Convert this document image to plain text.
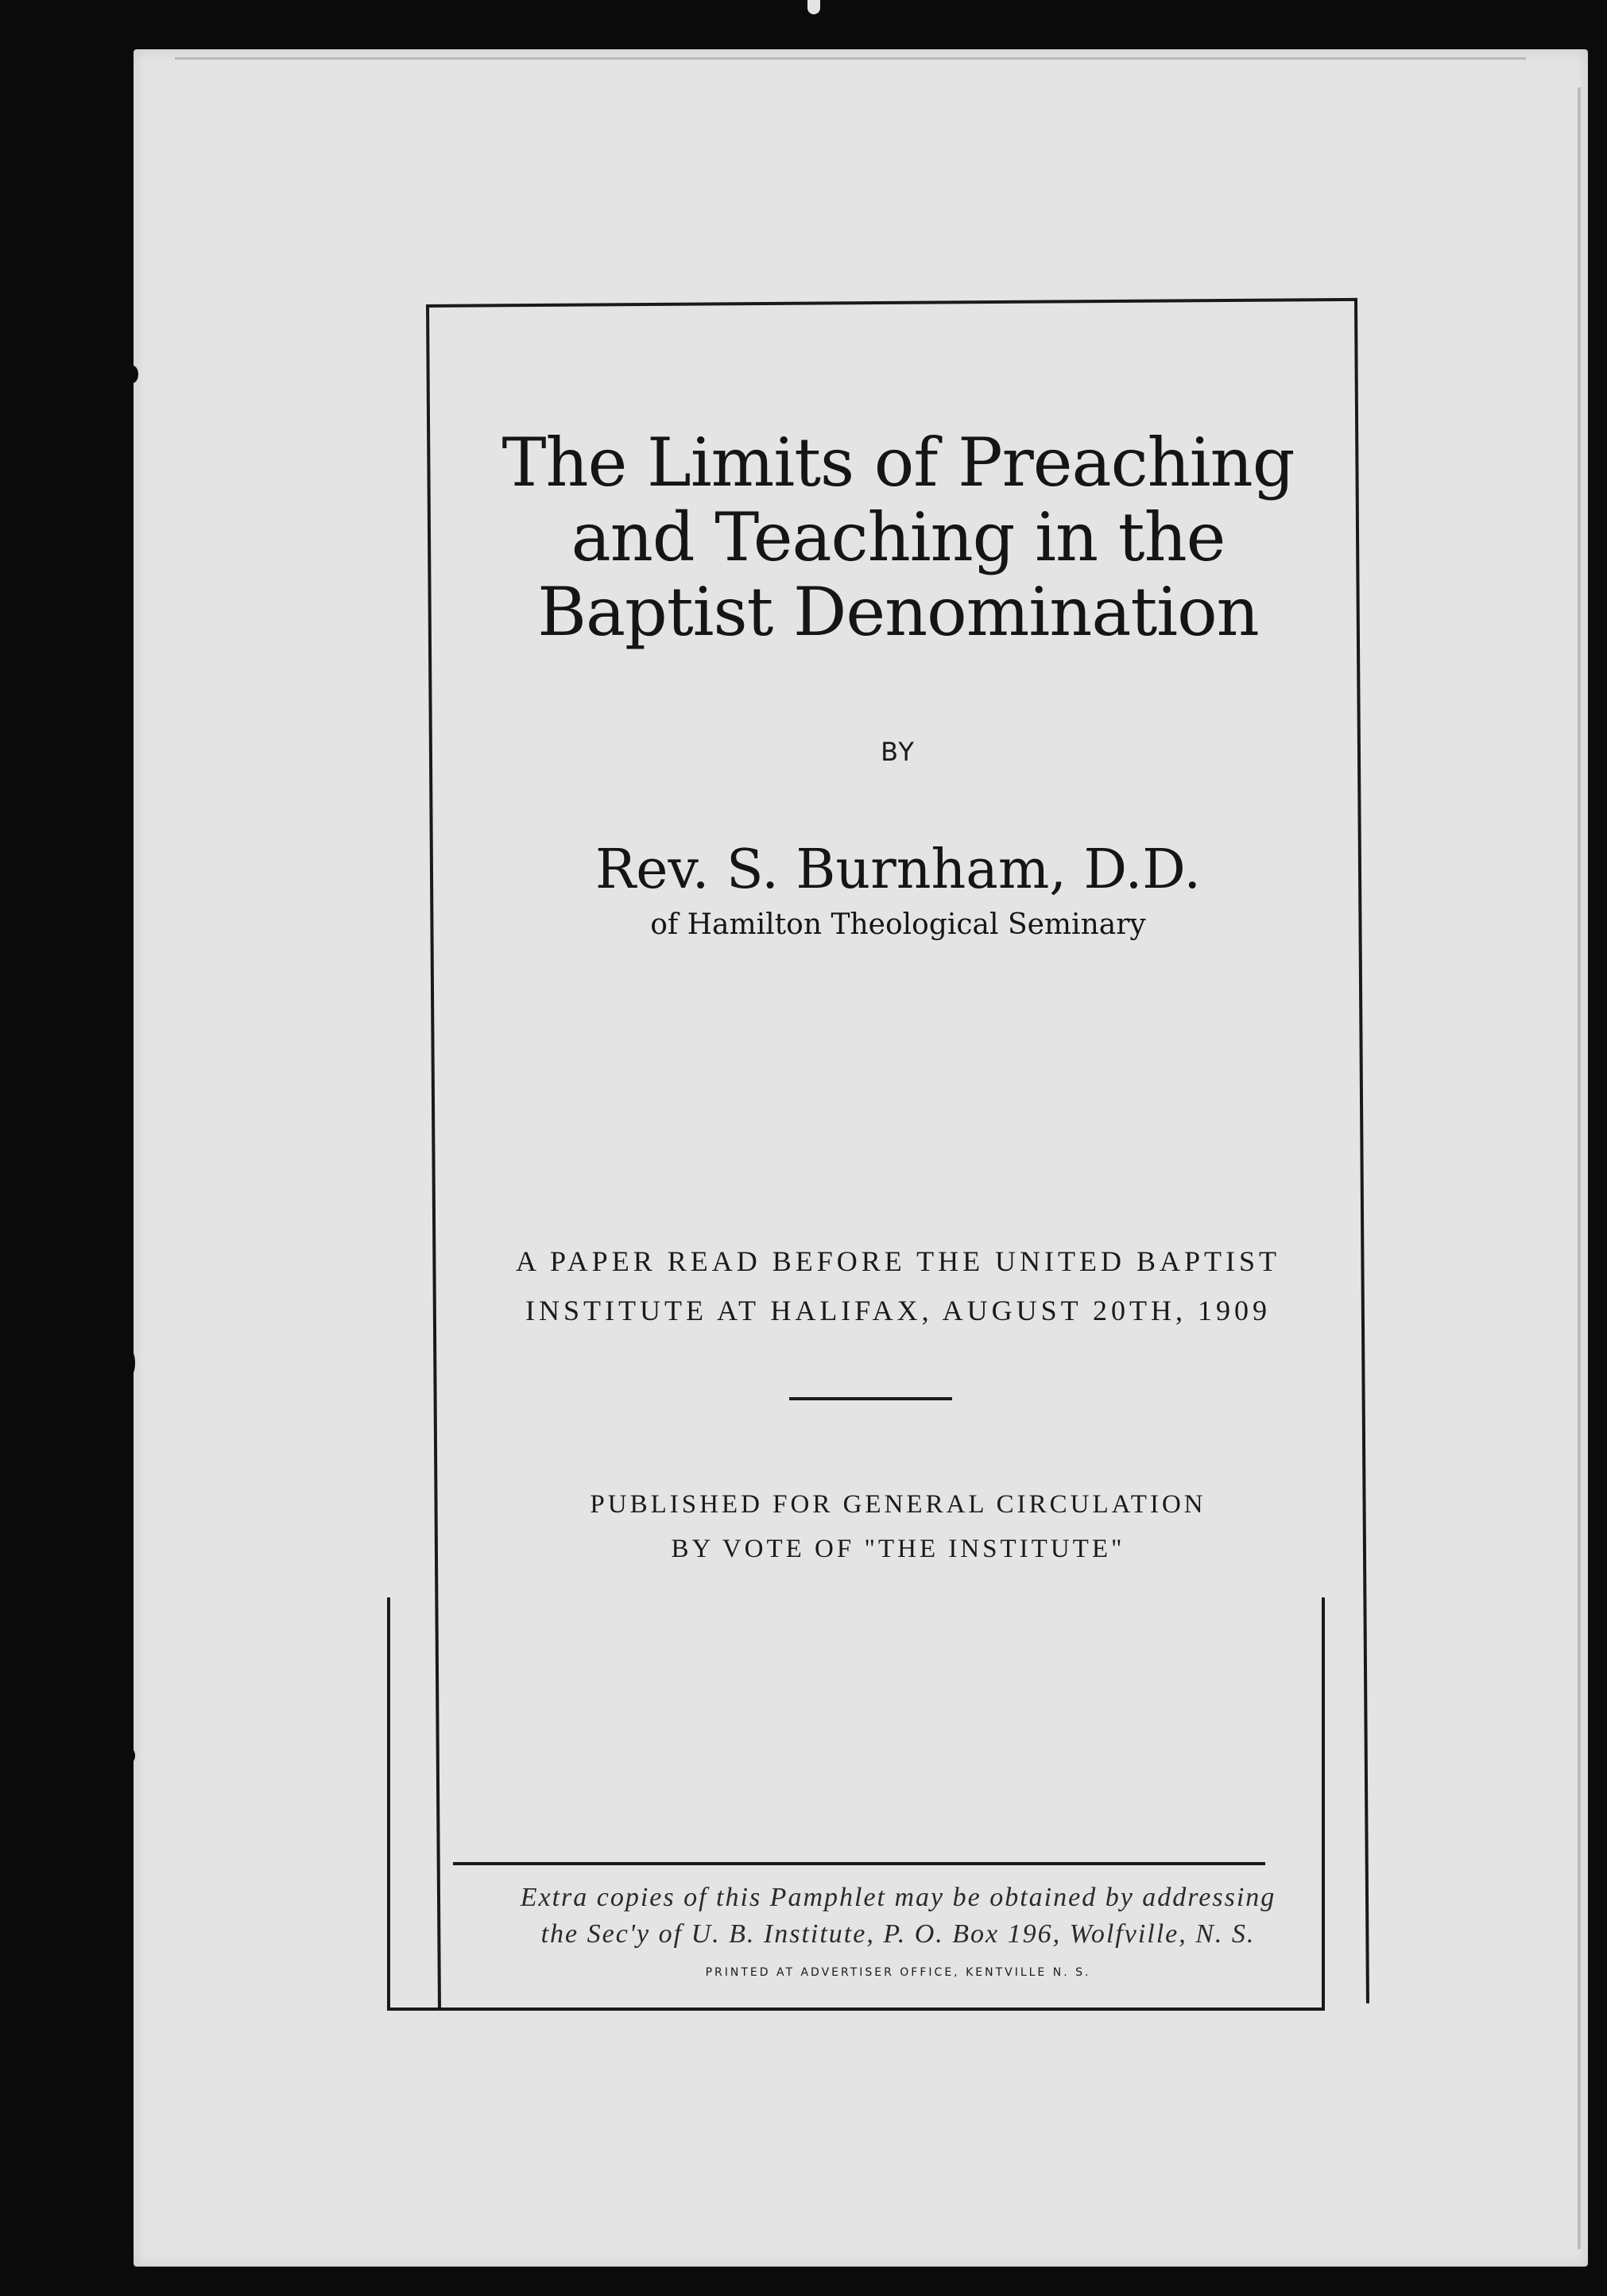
The Limits of Preaching
and Teaching in the
Baptist Denomination
BY
Rev. S. Burnham, D.D.
of Hamilton Theological Seminary
A PAPER READ BEFORE THE UNITED BAPTIST
INSTITUTE AT HALIFAX, AUGUST 20TH, 1909
PUBLISHED FOR GENERAL CIRCULATION
BY VOTE OF "THE INSTITUTE"
Extra copies of this Pamphlet may be obtained by addressing
the Sec'y of U. B. Institute, P. O. Box 196, Wolfville, N. S.
PRINTED AT ADVERTISER OFFICE, KENTVILLE N. S.
